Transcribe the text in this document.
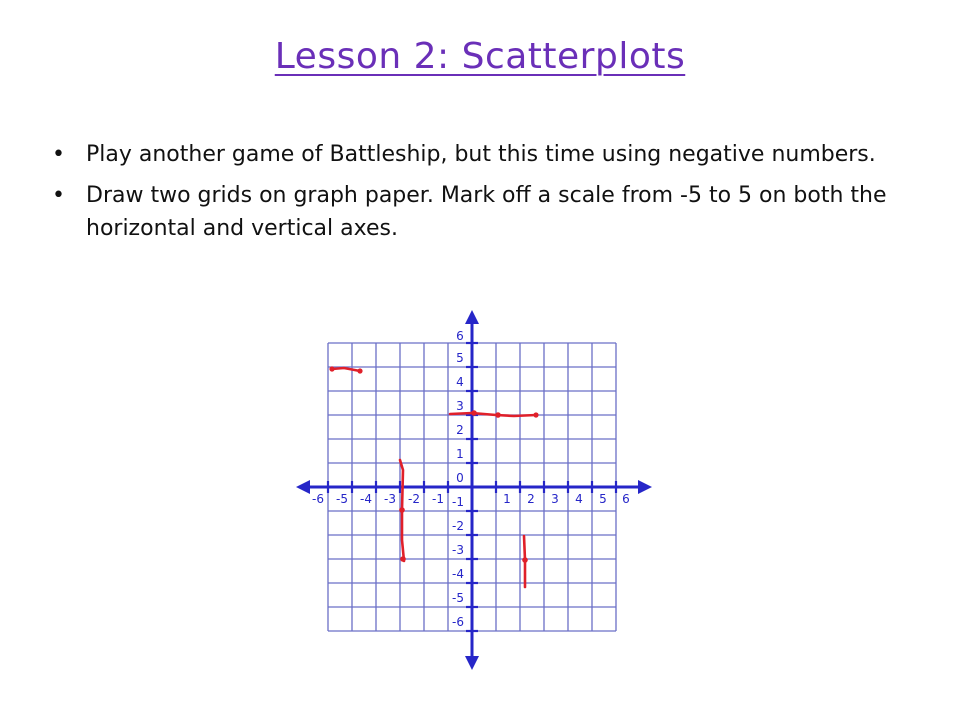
Lesson 2: Scatterplots
• Play another game of Battleship, but this time using negative numbers.
• Draw two grids on graph paper. Mark off a scale from -5 to 5 on both the horizontal and vertical axes.
-6 -5 -4 -3 -2 -1	1 2 3 4 5 6
6
5
4
3
2
1
0
-1
-2
-3
-4
-5
-6
